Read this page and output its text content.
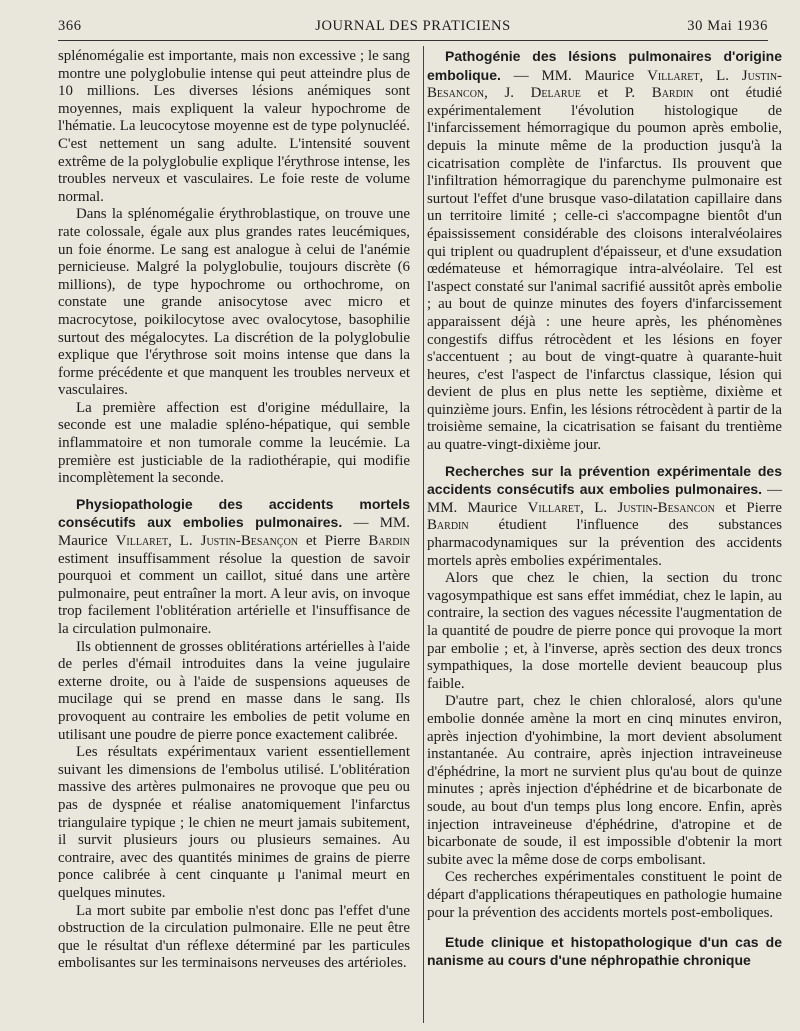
366	JOURNAL DES PRATICIENS	30 Mai 1936

splénomégalie est importante, mais non excessive ; le sang montre une polyglobulie intense qui peut atteindre plus de 10 millions. Les diverses lésions anémiques sont moyennes, mais expliquent la valeur hypochrome de l'hématie. La leucocytose moyenne est de type polynucléé. C'est nettement un sang adulte. L'intensité souvent extrême de la polyglobulie explique l'érythrose intense, les troubles nerveux et vasculaires. Le foie reste de volume normal.

Dans la splénomégalie érythroblastique, on trouve une rate colossale, égale aux plus grandes rates leucémiques, un foie énorme. Le sang est analogue à celui de l'anémie pernicieuse. Malgré la polyglobulie, toujours discrète (6 millions), de type hypochrome ou orthochrome, on constate une grande anisocytose avec micro et macrocytose, poikilocytose avec ovalocytose, basophilie surtout des mégalocytes. La discrétion de la polyglobulie explique que l'érythrose soit moins intense que dans la forme précédente et que manquent les troubles nerveux et vasculaires.

La première affection est d'origine médullaire, la seconde est une maladie spléno-hépatique, qui semble inflammatoire et non tumorale comme la leucémie. La première est justiciable de la radiothérapie, qui modifie incomplètement la seconde.

Physiopathologie des accidents mortels consécutifs aux embolies pulmonaires. — MM. Maurice Villaret, L. Justin-Besançon et Pierre Bardin estiment insuffisamment résolue la question de savoir pourquoi et comment un caillot, situé dans une artère pulmonaire, peut entraîner la mort. A leur avis, on invoque trop facilement l'oblitération artérielle et l'insuffisance de la circulation pulmonaire.

Ils obtiennent de grosses oblitérations artérielles à l'aide de perles d'émail introduites dans la veine jugulaire externe droite, ou à l'aide de suspensions aqueuses de mucilage qui se prend en masse dans le sang. Ils provoquent au contraire les embolies de petit volume en utilisant une poudre de pierre ponce exactement calibrée.

Les résultats expérimentaux varient essentiellement suivant les dimensions de l'embolus utilisé. L'oblitération massive des artères pulmonaires ne provoque que peu ou pas de dyspnée et réalise anatomiquement l'infarctus triangulaire typique ; le chien ne meurt jamais subitement, il survit plusieurs jours ou plusieurs semaines. Au contraire, avec des quantités minimes de grains de pierre ponce calibrée à cent cinquante μ l'animal meurt en quelques minutes.

La mort subite par embolie n'est donc pas l'effet d'une obstruction de la circulation pulmonaire. Elle ne peut être que le résultat d'un réflexe déterminé par les particules embolisantes sur les terminaisons nerveuses des artérioles.

Pathogénie des lésions pulmonaires d'origine embolique. — MM. Maurice Villaret, L. Justin-Besancon, J. Delarue et P. Bardin ont étudié expérimentalement l'évolution histologique de l'infarcissement hémorragique du poumon après embolie, depuis la minute même de la production jusqu'à la cicatrisation complète de l'infarctus. Ils prouvent que l'infiltration hémorragique du parenchyme pulmonaire est surtout l'effet d'une brusque vaso-dilatation capillaire dans un territoire limité ; celle-ci s'accompagne bientôt d'un épaississement considérable des cloisons interalvéolaires qui triplent ou quadruplent d'épaisseur, et d'une exsudation œdémateuse et hémorragique intra-alvéolaire. Tel est l'aspect constaté sur l'animal sacrifié aussitôt après embolie ; au bout de quinze minutes des foyers d'infarcissement apparaissent déjà : une heure après, les phénomènes congestifs diffus rétrocèdent et les lésions en foyer s'accentuent ; au bout de vingt-quatre à quarante-huit heures, c'est l'aspect de l'infarctus classique, lésion qui devient de plus en plus nette les septième, dixième et quinzième jours. Enfin, les lésions rétrocèdent à partir de la troisième semaine, la cicatrisation se faisant du trentième au quatre-vingt-dixième jour.

Recherches sur la prévention expérimentale des accidents consécutifs aux embolies pulmonaires. — MM. Maurice Villaret, L. Justin-Besancon et Pierre Bardin étudient l'influence des substances pharmacodynamiques sur la prévention des accidents mortels après embolies expérimentales.

Alors que chez le chien, la section du tronc vagosympathique est sans effet immédiat, chez le lapin, au contraire, la section des vagues nécessite l'augmentation de la quantité de poudre de pierre ponce qui provoque la mort par embolie ; et, à l'inverse, après section des deux troncs sympathiques, la dose mortelle devient beaucoup plus faible.

D'autre part, chez le chien chloralosé, alors qu'une embolie donnée amène la mort en cinq minutes environ, après injection d'yohimbine, la mort devient absolument instantanée. Au contraire, après injection intraveineuse d'éphédrine, la mort ne survient plus qu'au bout de quinze minutes ; après injection d'éphédrine et de bicarbonate de soude, au bout d'un temps plus long encore. Enfin, après injection intraveineuse d'éphédrine, d'atropine et de bicarbonate de soude, il est impossible d'obtenir la mort subite avec la même dose de corps embolisant.

Ces recherches expérimentales constituent le point de départ d'applications thérapeutiques en pathologie humaine pour la prévention des accidents mortels post-emboliques.

Etude clinique et histopathologique d'un cas de nanisme au cours d'une néphropathie chronique
